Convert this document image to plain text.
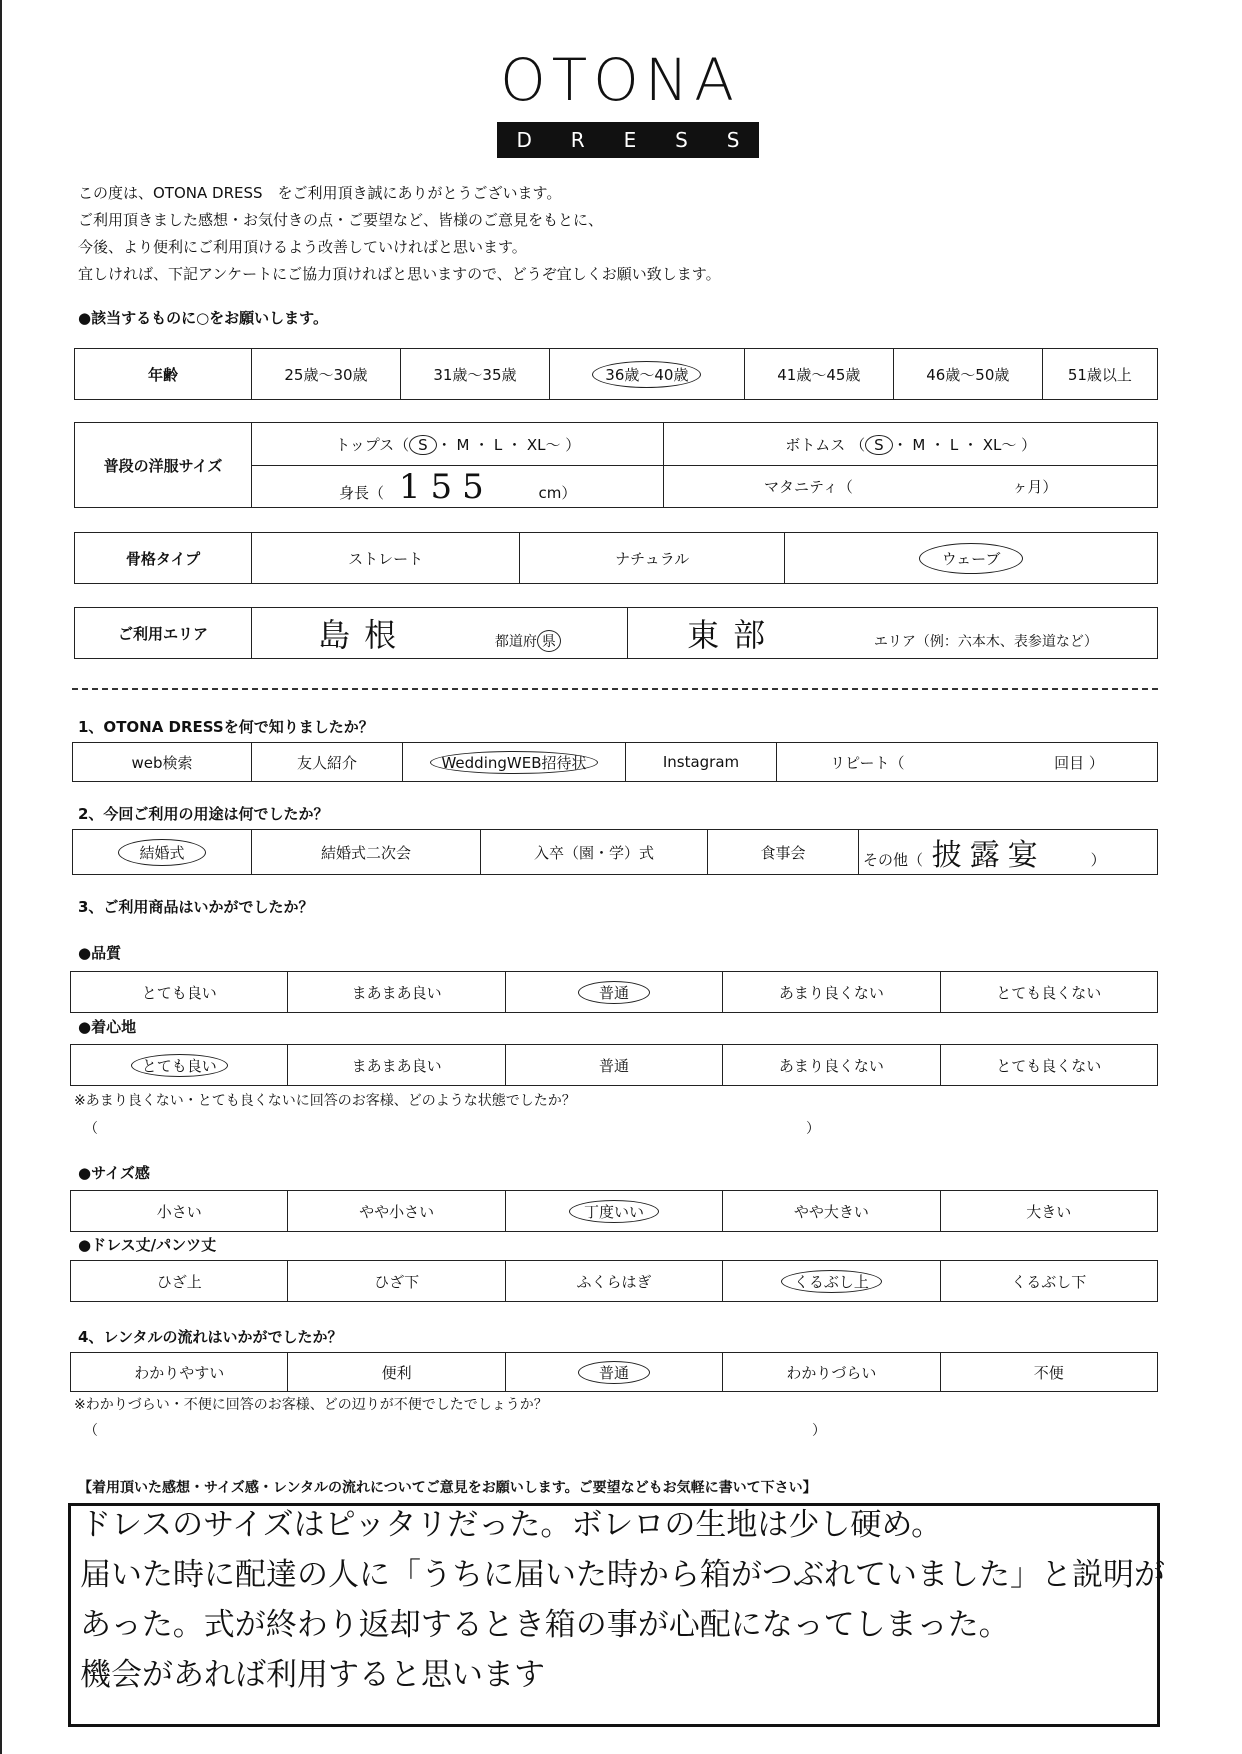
OTONA
D R E S S
この度は、OTONA DRESS　をご利用頂き誠にありがとうございます。
ご利用頂きました感想・お気付きの点・ご要望など、皆様のご意見をもとに、
今後、より便利にご利用頂けるよう改善していければと思います。
宜しければ、下記アンケートにご協力頂ければと思いますので、どうぞ宜しくお願い致します。
●該当するものに○をお願いします。
年齢	25歳～30歳	31歳～35歳	36歳～40歳	41歳～45歳	46歳～50歳	51歳以上
普段の洋服サイズ	トップス（ S ・ M ・ L ・ XL～ ）	ボトムス （ S ・ M ・ L ・ XL～ ）
	身長（ 155 cm）	マタニティ（ ヶ月）
骨格タイプ	ストレート	ナチュラル	ウェーブ
ご利用エリア	島根	都道府 県	東部	エリア（例：六本木、表参道など）
1、OTONA DRESSを何で知りましたか？
web検索	友人紹介	WeddingWEB招待状	Instagram	リピート（	回目 ）
2、今回ご利用の用途は何でしたか？
結婚式	結婚式二次会	入卒（園・学）式	食事会	その他（ 披露宴	）
3、ご利用商品はいかがでしたか？
●品質
とても良い	まあまあ良い	普通	あまり良くない	とても良くない
●着心地
とても良い	まあまあ良い	普通	あまり良くない	とても良くない
※あまり良くない・とても良くないに回答のお客様、どのような状態でしたか？
（	）
●サイズ感
小さい	やや小さい	丁度いい	やや大きい	大きい
●ドレス丈/パンツ丈
ひざ上	ひざ下	ふくらはぎ	くるぶし上	くるぶし下
4、レンタルの流れはいかがでしたか？
わかりやすい	便利	普通	わかりづらい	不便
※わかりづらい・不便に回答のお客様、どの辺りが不便でしたでしょうか？
（	）
【着用頂いた感想・サイズ感・レンタルの流れについてご意見をお願いします。ご要望などもお気軽に書いて下さい】
ドレスのサイズはピッタリだった。ボレロの生地は少し硬め。
届いた時に配達の人に「うちに届いた時から箱がつぶれていました」と説明が
あった。式が終わり返却するとき箱の事が心配になってしまった。
機会があれば利用すると思います
